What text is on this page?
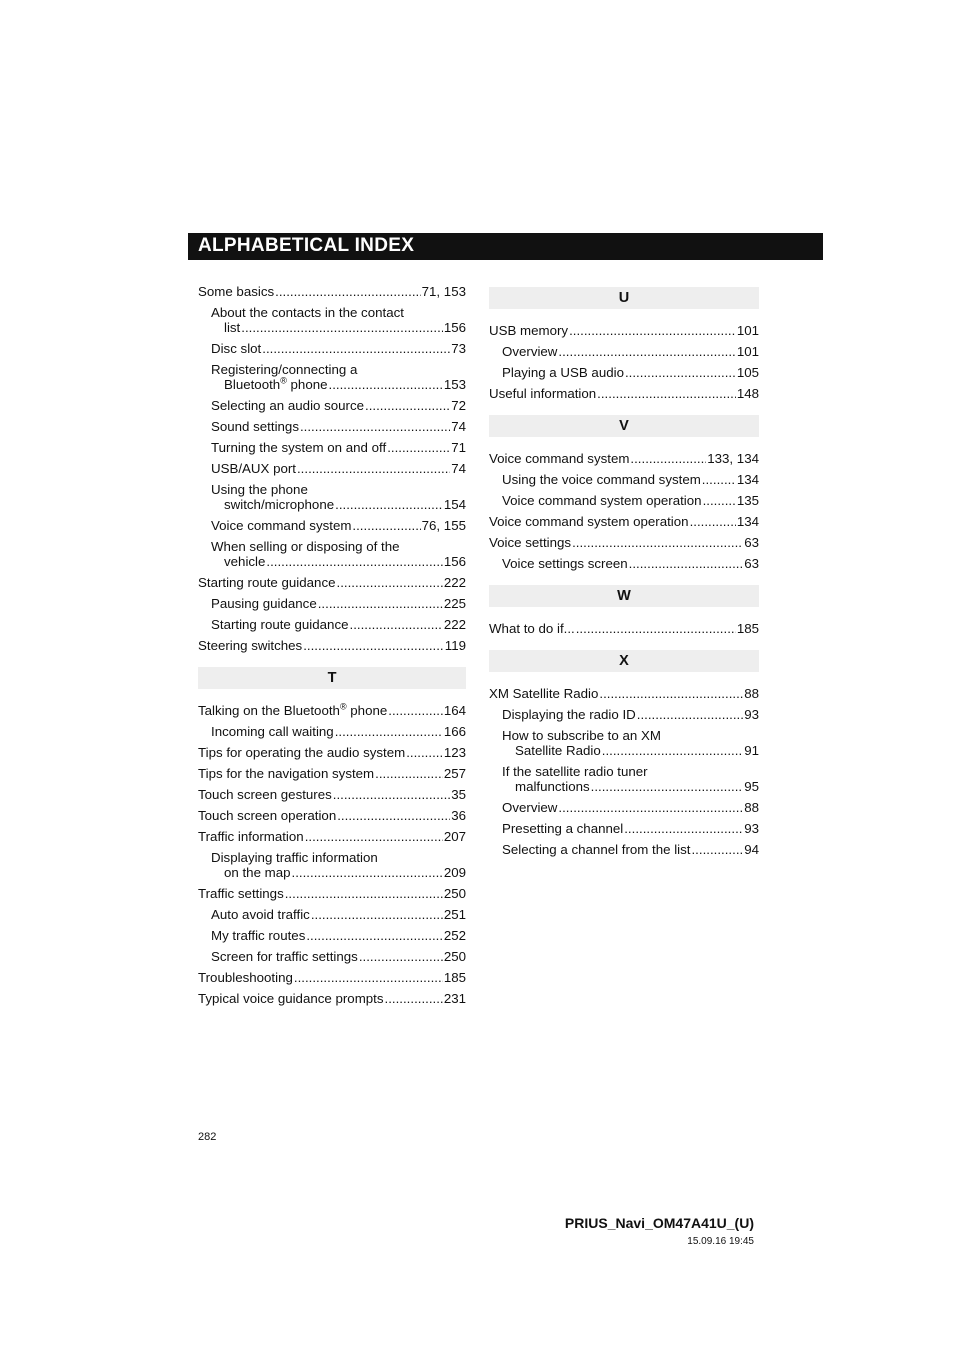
ALPHABETICAL INDEX
Some basics .....	71, 153
About the contacts in the contact
list .....	156
Disc slot .....	73
Registering/connecting a
Bluetooth® phone .....	153
Selecting an audio source .....	72
Sound settings .....	74
Turning the system on and off .....	71
USB/AUX port .....	74
Using the phone
switch/microphone .....	154
Voice command system .....	76, 155
When selling or disposing of the
vehicle .....	156
Starting route guidance .....	222
Pausing guidance .....	225
Starting route guidance .....	222
Steering switches .....	119
T
Talking on the Bluetooth® phone .....	164
Incoming call waiting .....	166
Tips for operating the audio system .....	123
Tips for the navigation system .....	257
Touch screen gestures .....	35
Touch screen operation .....	36
Traffic information .....	207
Displaying traffic information
on the map .....	209
Traffic settings .....	250
Auto avoid traffic .....	251
My traffic routes .....	252
Screen for traffic settings .....	250
Troubleshooting .....	185
Typical voice guidance prompts .....	231
U
USB memory .....	101
Overview .....	101
Playing a USB audio .....	105
Useful information .....	148
V
Voice command system .....	133, 134
Using the voice command system .....	134
Voice command system operation .....	135
Voice command system operation .....	134
Voice settings .....	63
Voice settings screen .....	63
W
What to do if... .....	185
X
XM Satellite Radio .....	88
Displaying the radio ID .....	93
How to subscribe to an XM
Satellite Radio .....	91
If the satellite radio tuner
malfunctions .....	95
Overview .....	88
Presetting a channel .....	93
Selecting a channel from the list .....	94
282
PRIUS_Navi_OM47A41U_(U)
15.09.16 19:45
